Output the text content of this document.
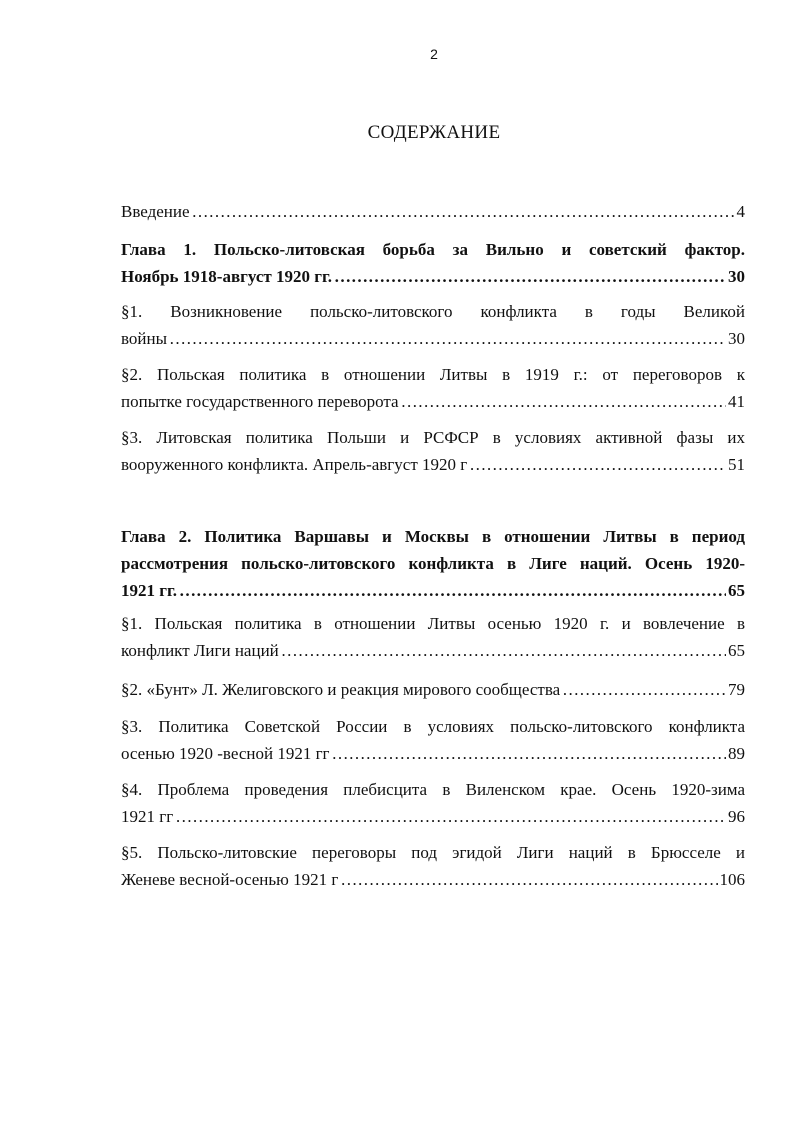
2
СОДЕРЖАНИЕ
Введение ……………………………………………………………………………………………………………………………………………………	4
Глава 1. Польско-литовская борьба за Вильно и советский фактор.
Ноябрь 1918-август 1920 гг. ……………………………………………………………………………………………………………………………………………………	30
§1. Возникновение польско-литовского конфликта в годы Великой
войны ……………………………………………………………………………………………………………………………………………………	30
§2. Польская политика в отношении Литвы в 1919 г.: от переговоров к
попытке государственного переворота ……………………………………………………………………………………………………………………………………………………	41
§3. Литовская политика Польши и РСФСР в условиях активной фазы их
вооруженного конфликта. Апрель-август 1920 г ……………………………………………………………………………………………………………………………………………………	51
Глава 2. Политика Варшавы и Москвы в отношении Литвы в период
рассмотрения польско-литовского конфликта в Лиге наций. Осень 1920-
1921 гг. ……………………………………………………………………………………………………………………………………………………	65
§1. Польская политика в отношении Литвы осенью 1920 г. и вовлечение в
конфликт Лиги наций ……………………………………………………………………………………………………………………………………………………	65
§2. «Бунт» Л. Желиговского и реакция мирового сообщества ……………………………………………………………………………………………………………………………………………………	79
§3. Политика Советской России в условиях польско-литовского конфликта
осенью 1920 -весной 1921 гг ……………………………………………………………………………………………………………………………………………………	89
§4. Проблема проведения плебисцита в Виленском крае. Осень 1920-зима
1921 гг ……………………………………………………………………………………………………………………………………………………	96
§5. Польско-литовские переговоры под эгидой Лиги наций в Брюсселе и
Женеве весной-осенью 1921 г ……………………………………………………………………………………………………………………………………………………	106
